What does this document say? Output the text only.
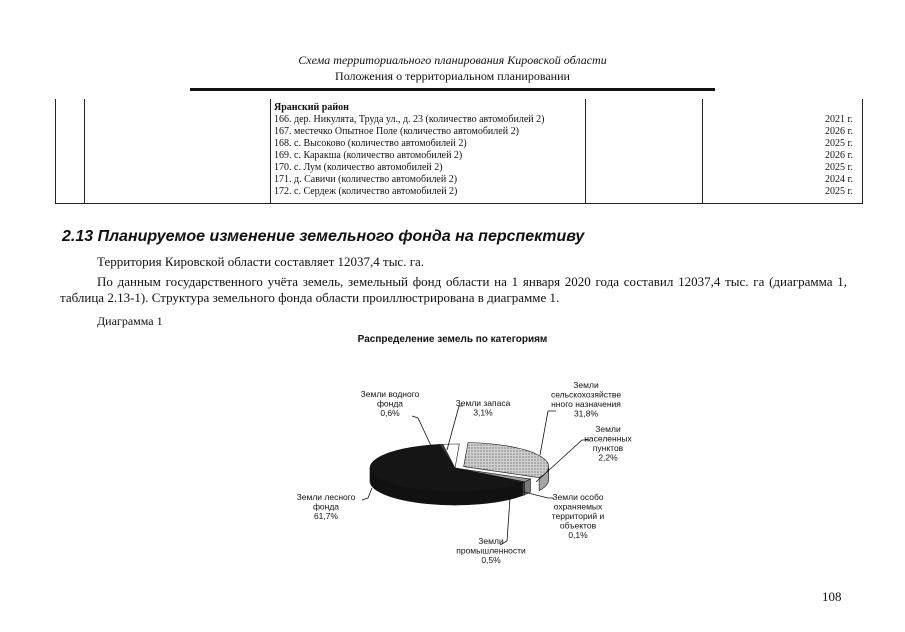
Схема территориального планирования Кировской области
Положения о территориальном планировании
Яранский район
166. дер. Никулята, Труда ул., д. 23 (количество автомобилей 2)	2021 г.
167. местечко Опытное Поле (количество автомобилей 2)	2026 г.
168. с. Высоково (количество автомобилей 2)	2025 г.
169. с. Каракша (количество автомобилей 2)	2026 г.
170. с. Лум (количество автомобилей 2)	2025 г.
171. д. Савичи (количество автомобилей 2)	2024 г.
172. с. Сердеж (количество автомобилей 2)	2025 г.
2.13 Планируемое изменение земельного фонда на перспективу
Территория Кировской области составляет 12037,4 тыс. га.
По данным государственного учёта земель, земельный фонд области на 1 января 2020 года составил 12037,4 тыс. га (диаграмма 1, таблица 2.13-1). Структура земельного фонда области проиллюстрирована в диаграмме 1.
Диаграмма 1
Распределение земель по категориям
Земли сельскохозяйстве нного назначения 31,8%
Земли населенных пунктов 2,2%
Земли особо охраняемых территорий и объектов 0,1%
Земли промышленности 0,5%
Земли лесного фонда 61,7%
Земли водного фонда 0,6%
Земли запаса 3,1%
108
